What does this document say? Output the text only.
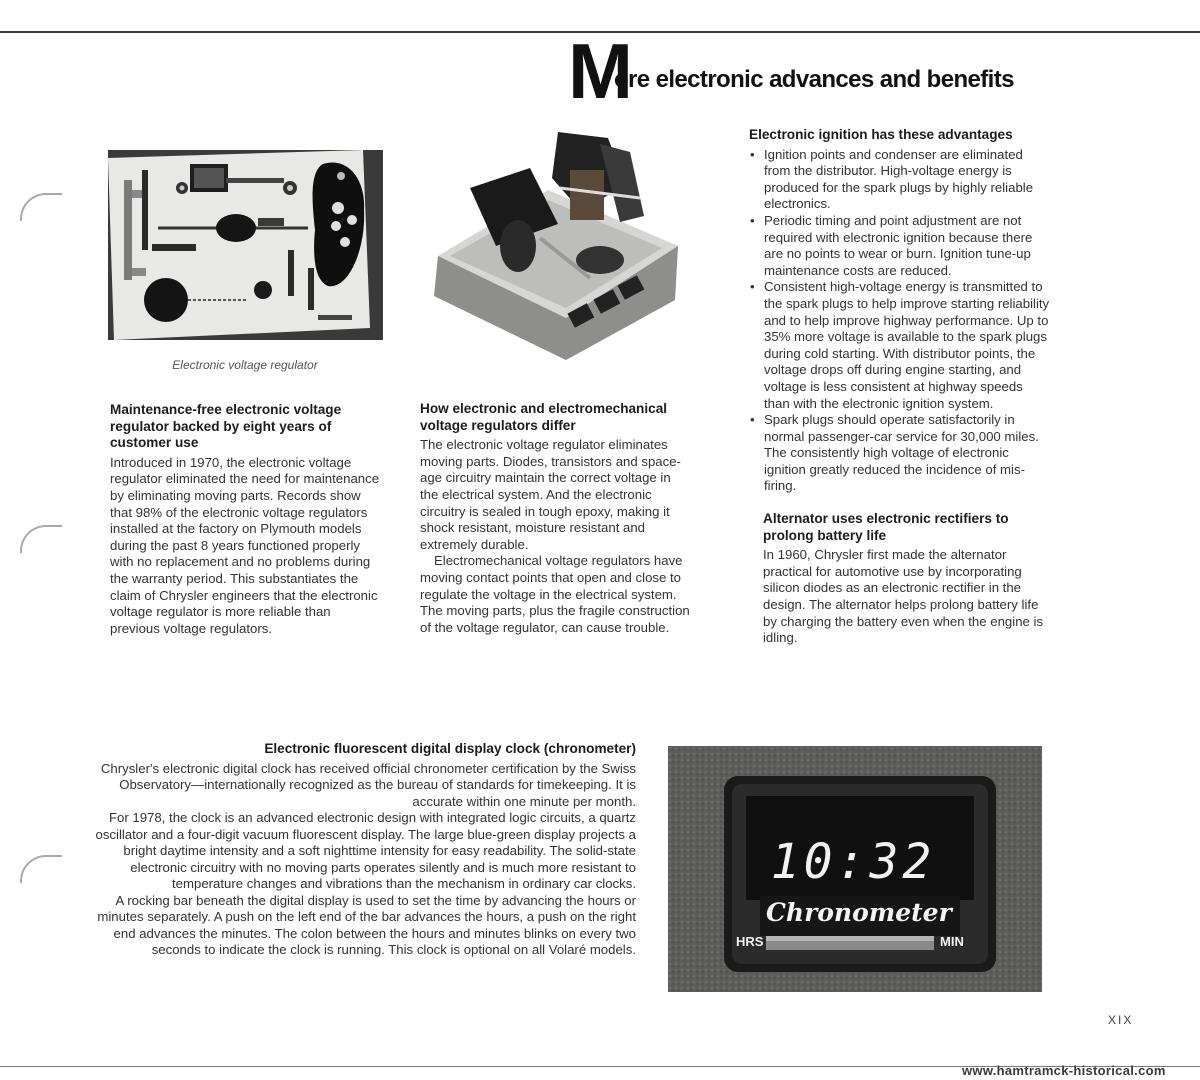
M
ore electronic advances and benefits
Electronic voltage regulator
Maintenance-free electronic voltage regulator backed by eight years of customer use

Introduced in 1970, the electronic voltage regulator eliminated the need for maintenance by eliminating moving parts. Records show that 98% of the electronic voltage regulators installed at the factory on Plymouth models during the past 8 years functioned properly with no replacement and no problems during the warranty period. This substantiates the claim of Chrysler engineers that the electronic voltage regulator is more reliable than previous voltage regulators.

How electronic and electromechanical voltage regulators differ

The electronic voltage regulator eliminates moving parts. Diodes, transistors and space-age circuitry maintain the correct voltage in the electrical system. And the electronic circuitry is sealed in tough epoxy, making it shock resistant, moisture resistant and extremely durable.

Electromechanical voltage regulators have moving contact points that open and close to regulate the voltage in the electrical system. The moving parts, plus the fragile construction of the voltage regulator, can cause trouble.

Electronic ignition has these advantages
• Ignition points and condenser are eliminated from the distributor. High-voltage energy is produced for the spark plugs by highly reliable electronics.
• Periodic timing and point adjustment are not required with electronic ignition because there are no points to wear or burn. Ignition tune-up maintenance costs are reduced.
• Consistent high-voltage energy is transmitted to the spark plugs to help improve starting reliability and to help improve highway performance. Up to 35% more voltage is available to the spark plugs during cold starting. With distributor points, the voltage drops off during engine starting, and voltage is less consistent at highway speeds than with the electronic ignition system.
• Spark plugs should operate satisfactorily in normal passenger-car service for 30,000 miles. The consistently high voltage of electronic ignition greatly reduced the incidence of mis-firing.
Alternator uses electronic rectifiers to prolong battery life

In 1960, Chrysler first made the alternator practical for automotive use by incorporating silicon diodes as an electronic rectifier in the design. The alternator helps prolong battery life by charging the battery even when the engine is idling.

Electronic fluorescent digital display clock (chronometer)

Chrysler's electronic digital clock has received official chronometer certification by the Swiss Observatory—internationally recognized as the bureau of standards for timekeeping. It is accurate within one minute per month.

For 1978, the clock is an advanced electronic design with integrated logic circuits, a quartz oscillator and a four-digit vacuum fluorescent display. The large blue-green display projects a bright daytime intensity and a soft nighttime intensity for easy readability. The solid-state electronic circuitry with no moving parts operates silently and is much more resistant to temperature changes and vibrations than the mechanism in ordinary car clocks.

A rocking bar beneath the digital display is used to set the time by advancing the hours or minutes separately. A push on the left end of the bar advances the hours, a push on the right end advances the minutes. The colon between the hours and minutes blinks on every two seconds to indicate the clock is running. This clock is optional on all Volaré models.

10:32
Chronometer
HRS	MIN
XIX
www.hamtramck-historical.com
